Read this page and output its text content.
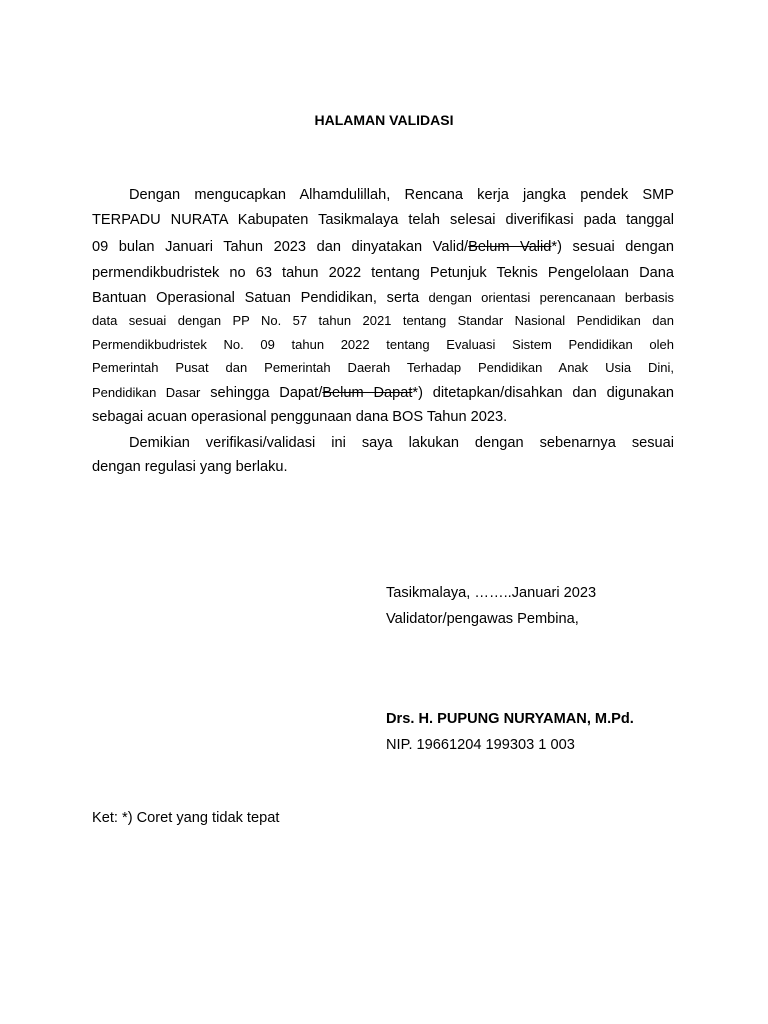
HALAMAN VALIDASI
Dengan mengucapkan Alhamdulillah, Rencana kerja jangka pendek SMP
TERPADU NURATA Kabupaten Tasikmalaya telah selesai diverifikasi pada tanggal
09 bulan Januari Tahun 2023 dan dinyatakan Valid/Belum Valid*) sesuai dengan
permendikbudristek no 63 tahun 2022 tentang Petunjuk Teknis Pengelolaan Dana
Bantuan Operasional Satuan Pendidikan, serta dengan orientasi perencanaan berbasis
data sesuai dengan PP No. 57 tahun 2021 tentang Standar Nasional Pendidikan dan
Permendikbudristek No. 09 tahun 2022 tentang Evaluasi Sistem Pendidikan oleh
Pemerintah Pusat dan Pemerintah Daerah Terhadap Pendidikan Anak Usia Dini,
Pendidikan Dasar sehingga Dapat/Belum Dapat*) ditetapkan/disahkan dan digunakan
sebagai acuan operasional penggunaan dana BOS Tahun 2023.
Demikian verifikasi/validasi ini saya lakukan dengan sebenarnya sesuai
dengan regulasi yang berlaku.
Tasikmalaya, ……..Januari 2023
Validator/pengawas Pembina,
Drs. H. PUPUNG NURYAMAN, M.Pd.
NIP. 19661204 199303 1 003
Ket: *) Coret yang tidak tepat
